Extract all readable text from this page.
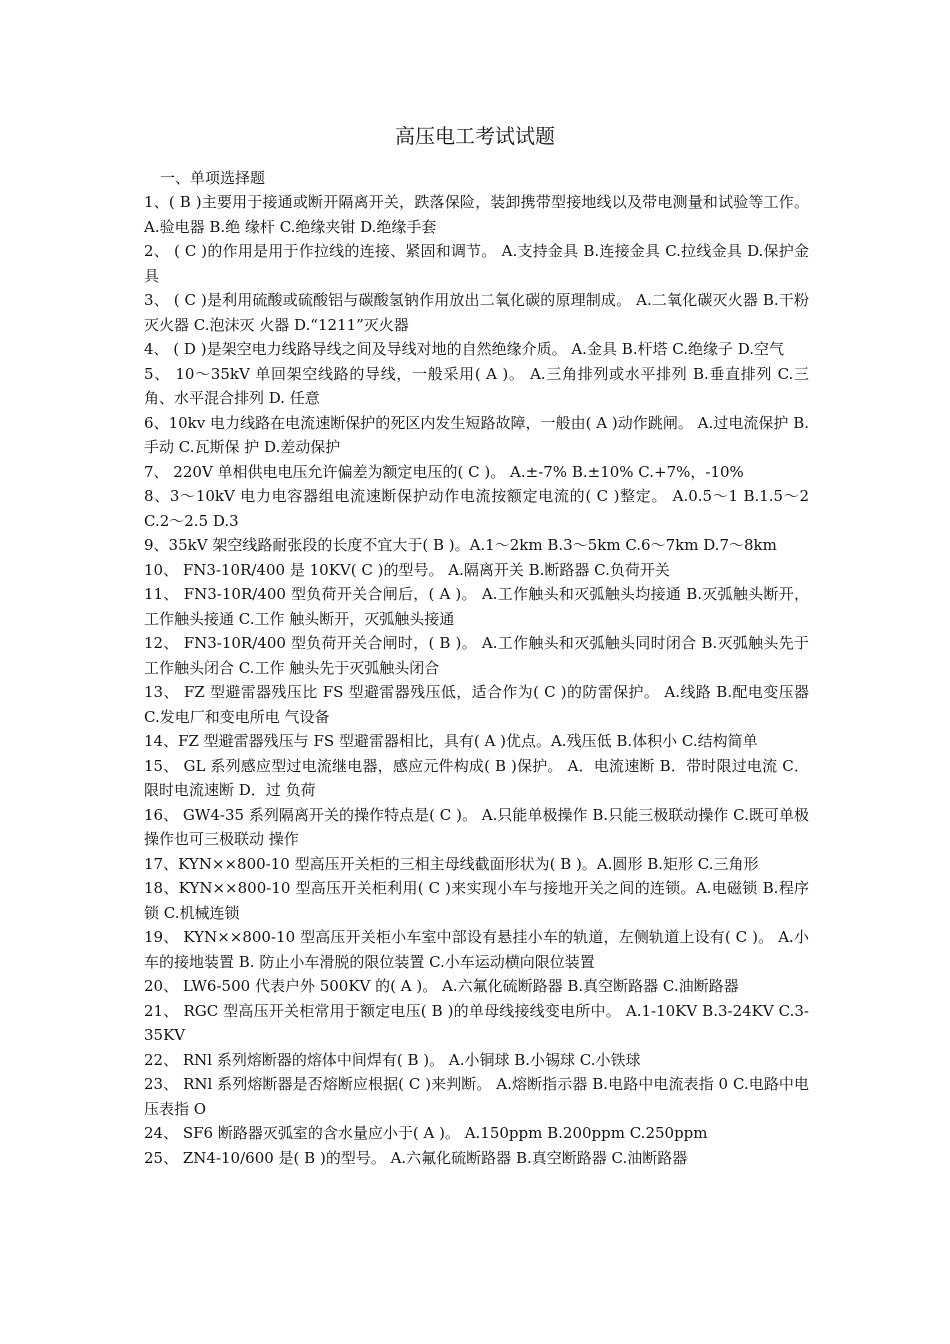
高压电工考试试题
一、单项选择题

1、( B )主要用于接通或断开隔离开关，跌落保险，装卸携带型接地线以及带电测量和试验等工作。 A.验电器 B.绝 缘杆 C.绝缘夹钳 D.绝缘手套

2、 ( C )的作用是用于作拉线的连接、紧固和调节。 A.支持金具 B.连接金具 C.拉线金具 D.保护金具

3、 ( C )是利用硫酸或硫酸铝与碳酸氢钠作用放出二氧化碳的原理制成。 A.二氧化碳灭火器 B.干粉灭火器 C.泡沫灭 火器 D.“1211”灭火器

4、 ( D )是架空电力线路导线之间及导线对地的自然绝缘介质。 A.金具 B.杆塔 C.绝缘子 D.空气

5、 10～35kV 单回架空线路的导线，一般采用( A )。 A.三角排列或水平排列 B.垂直排列 C.三角、水平混合排列 D. 任意

6、10kv 电力线路在电流速断保护的死区内发生短路故障，一般由( A )动作跳闸。 A.过电流保护 B.手动 C.瓦斯保 护 D.差动保护

7、 220V 单相供电电压允许偏差为额定电压的( C )。 A.±-7% B.±10% C.+7%，-10%

8、3～10kV 电力电容器组电流速断保护动作电流按额定电流的( C )整定。 A.0.5～1 B.1.5～2 C.2～2.5 D.3

9、35kV 架空线路耐张段的长度不宜大于( B )。A.1～2km B.3～5km C.6～7km D.7～8km

10、 FN3-10R/400 是 10KV( C )的型号。 A.隔离开关 B.断路器 C.负荷开关

11、 FN3-10R/400 型负荷开关合闸后，( A )。 A.工作触头和灭弧触头均接通 B.灭弧触头断开，工作触头接通 C.工作 触头断开，灭弧触头接通

12、 FN3-10R/400 型负荷开关合闸时，( B )。 A.工作触头和灭弧触头同时闭合 B.灭弧触头先于工作触头闭合 C.工作 触头先于灭弧触头闭合

13、 FZ 型避雷器残压比 FS 型避雷器残压低，适合作为( C )的防雷保护。 A.线路 B.配电变压器 C.发电厂和变电所电 气设备

14、FZ 型避雷器残压与 FS 型避雷器相比，具有( A )优点。A.残压低 B.体积小 C.结构简单

15、 GL 系列感应型过电流继电器，感应元件构成( B )保护。 A．电流速断 B．带时限过电流 C．限时电流速断 D．过 负荷

16、 GW4-35 系列隔离开关的操作特点是( C )。 A.只能单极操作 B.只能三极联动操作 C.既可单极操作也可三极联动 操作

17、KYN××800-10 型高压开关柜的三相主母线截面形状为( B )。A.圆形 B.矩形 C.三角形

18、KYN××800-10 型高压开关柜利用( C )来实现小车与接地开关之间的连锁。A.电磁锁 B.程序锁 C.机械连锁

19、 KYN××800-10 型高压开关柜小车室中部设有悬挂小车的轨道，左侧轨道上设有( C )。 A.小车的接地装置 B. 防止小车滑脱的限位装置 C.小车运动横向限位装置

20、 LW6-500 代表户外 500KV 的( A )。 A.六氟化硫断路器 B.真空断路器 C.油断路器

21、 RGC 型高压开关柜常用于额定电压( B )的单母线接线变电所中。 A.1-10KV B.3-24KV C.3-35KV

22、 RNl 系列熔断器的熔体中间焊有( B )。 A.小铜球 B.小锡球 C.小铁球

23、 RNl 系列熔断器是否熔断应根据( C )来判断。 A.熔断指示器 B.电路中电流表指 0 C.电路中电压表指 O

24、 SF6 断路器灭弧室的含水量应小于( A )。 A.150ppm B.200ppm C.250ppm

25、 ZN4-10/600 是( B )的型号。 A.六氟化硫断路器 B.真空断路器 C.油断路器
